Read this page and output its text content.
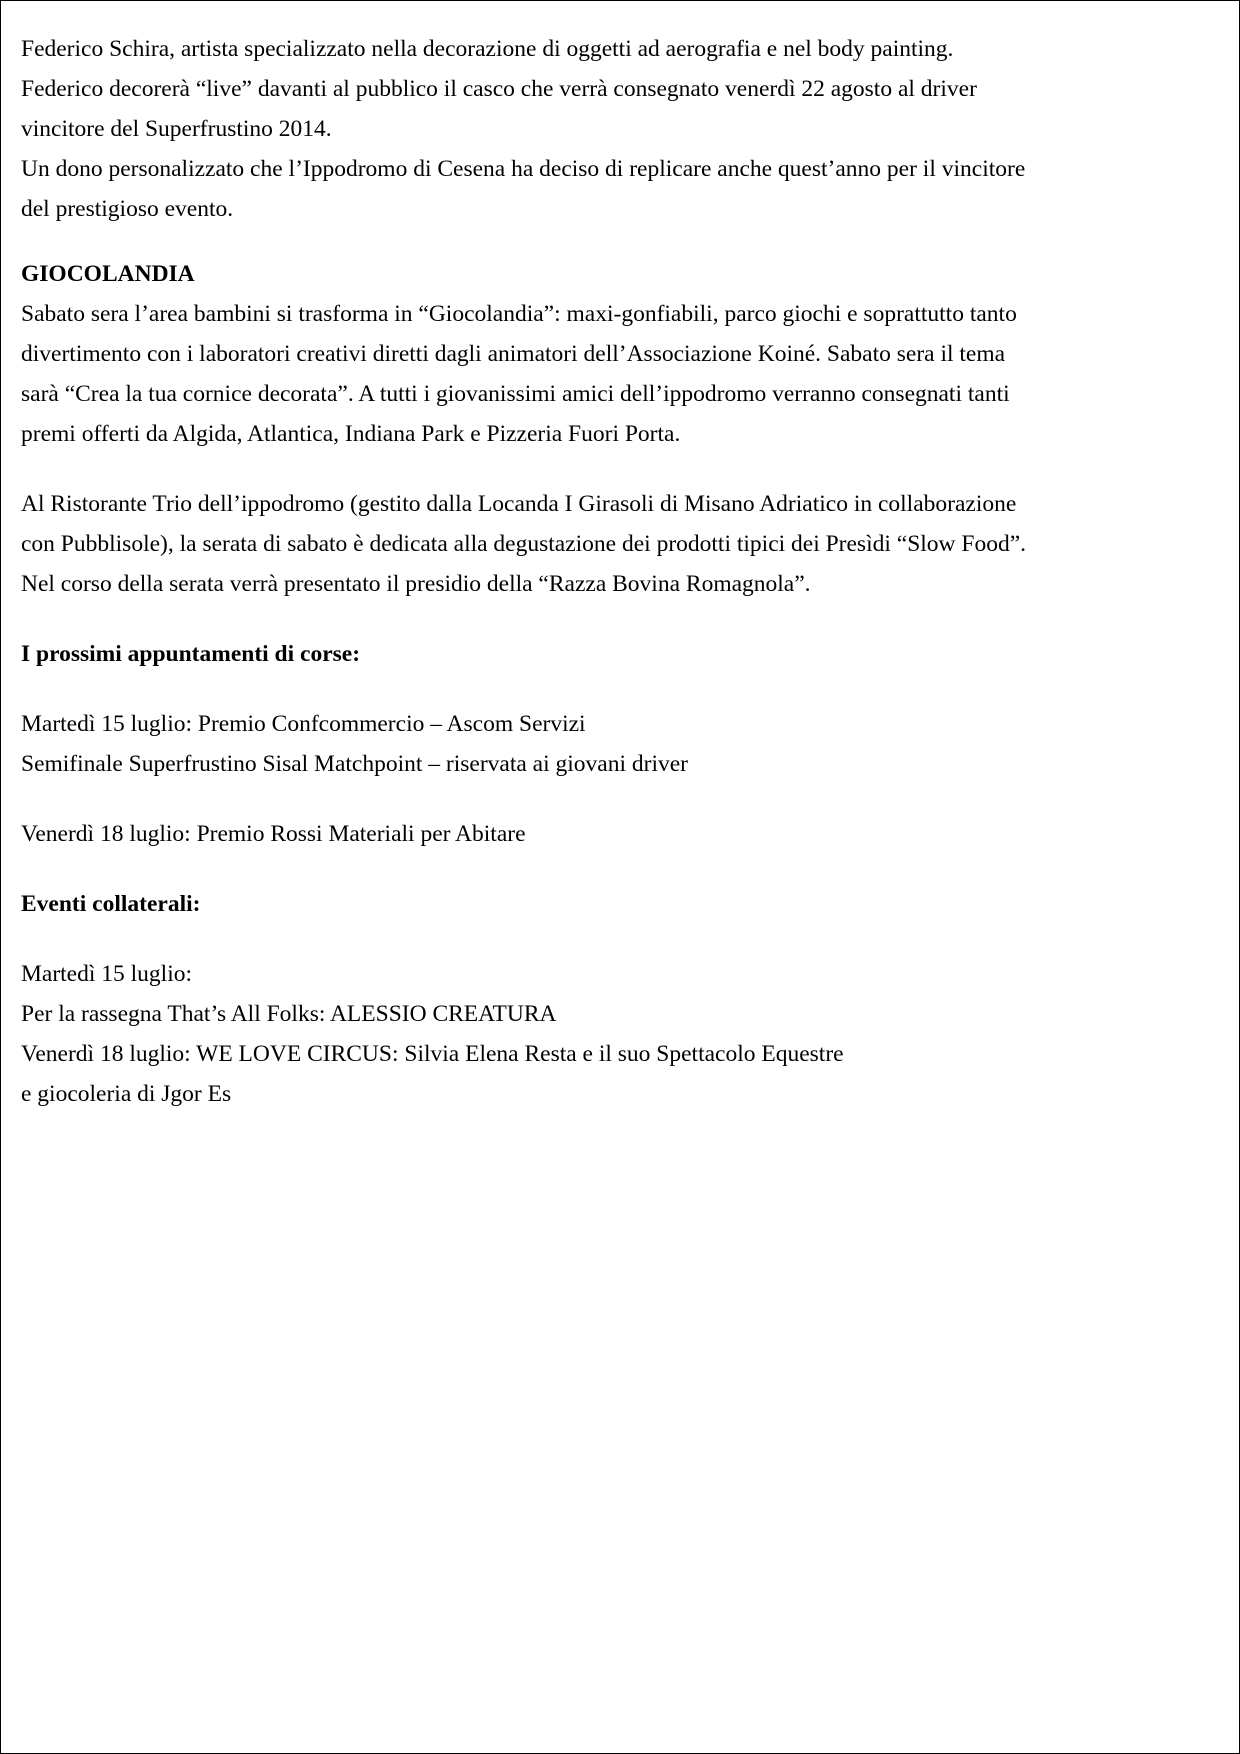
Federico Schira, artista specializzato nella decorazione di oggetti ad aerografia e nel body painting.
Federico decorerà “live” davanti al pubblico il casco che verrà consegnato venerdì 22 agosto al driver
vincitore del Superfrustino 2014.
Un dono personalizzato che l’Ippodromo di Cesena ha deciso di replicare anche quest’anno per il vincitore
del prestigioso evento.
GIOCOLANDIA
Sabato sera l’area bambini si trasforma in “Giocolandia”: maxi-gonfiabili, parco giochi e soprattutto tanto
divertimento con i laboratori creativi diretti dagli animatori dell’Associazione Koiné. Sabato sera il tema
sarà “Crea la tua cornice decorata”. A tutti i giovanissimi amici dell’ippodromo verranno consegnati tanti
premi offerti da Algida, Atlantica, Indiana Park e Pizzeria Fuori Porta.
Al Ristorante Trio dell’ippodromo (gestito dalla Locanda I Girasoli di Misano Adriatico in collaborazione
con Pubblisole), la serata di sabato è dedicata alla degustazione dei prodotti tipici dei Presìdi “Slow Food”.
Nel corso della serata verrà presentato il presidio della “Razza Bovina Romagnola”.
I prossimi appuntamenti di corse:
Martedì 15 luglio: Premio Confcommercio – Ascom Servizi
Semifinale Superfrustino Sisal Matchpoint – riservata ai giovani driver
Venerdì 18 luglio: Premio Rossi Materiali per Abitare
Eventi collaterali:
Martedì 15 luglio:
Per la rassegna That’s All Folks: ALESSIO CREATURA
Venerdì 18 luglio: WE LOVE CIRCUS: Silvia Elena Resta e il suo Spettacolo Equestre
e giocoleria di Jgor Es
